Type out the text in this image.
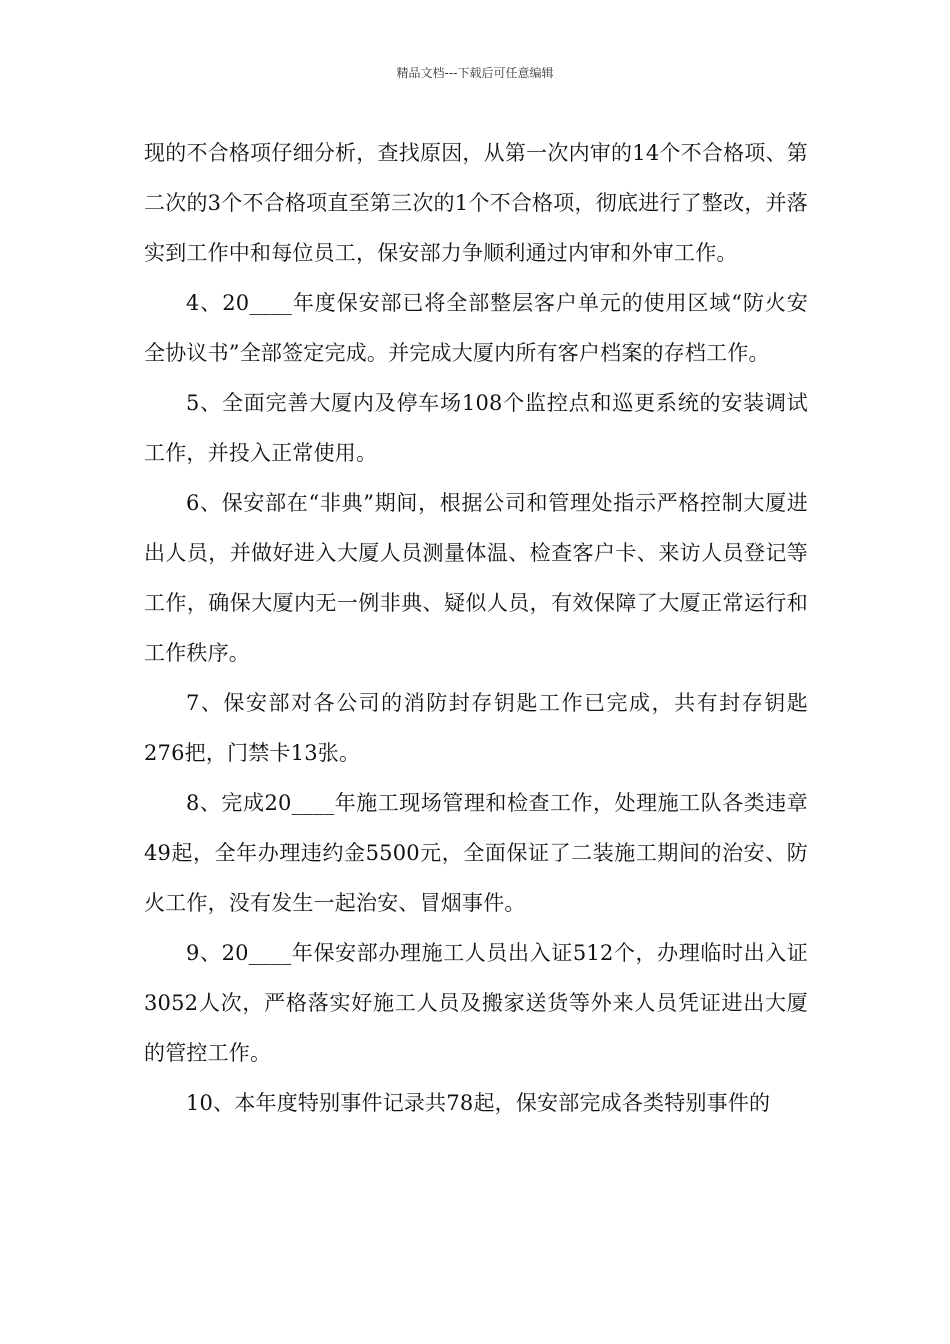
精品文档---下载后可任意编辑

现的不合格项仔细分析，查找原因，从第一次内审的14个不合格项、第二次的3个不合格项直至第三次的1个不合格项，彻底进行了整改，并落实到工作中和每位员工，保安部力争顺利通过内审和外审工作。

4、20____年度保安部已将全部整层客户单元的使用区域“防火安全协议书”全部签定完成。并完成大厦内所有客户档案的存档工作。

5、全面完善大厦内及停车场108个监控点和巡更系统的安装调试工作，并投入正常使用。

6、保安部在“非典”期间，根据公司和管理处指示严格控制大厦进出人员，并做好进入大厦人员测量体温、检查客户卡、来访人员登记等工作，确保大厦内无一例非典、疑似人员，有效保障了大厦正常运行和工作秩序。

7、保安部对各公司的消防封存钥匙工作已完成，共有封存钥匙276把，门禁卡13张。

8、完成20____年施工现场管理和检查工作，处理施工队各类违章49起，全年办理违约金5500元，全面保证了二装施工期间的治安、防火工作，没有发生一起治安、冒烟事件。

9、20____年保安部办理施工人员出入证512个，办理临时出入证3052人次，严格落实好施工人员及搬家送货等外来人员凭证进出大厦的管控工作。

10、本年度特别事件记录共78起，保安部完成各类特别事件的
